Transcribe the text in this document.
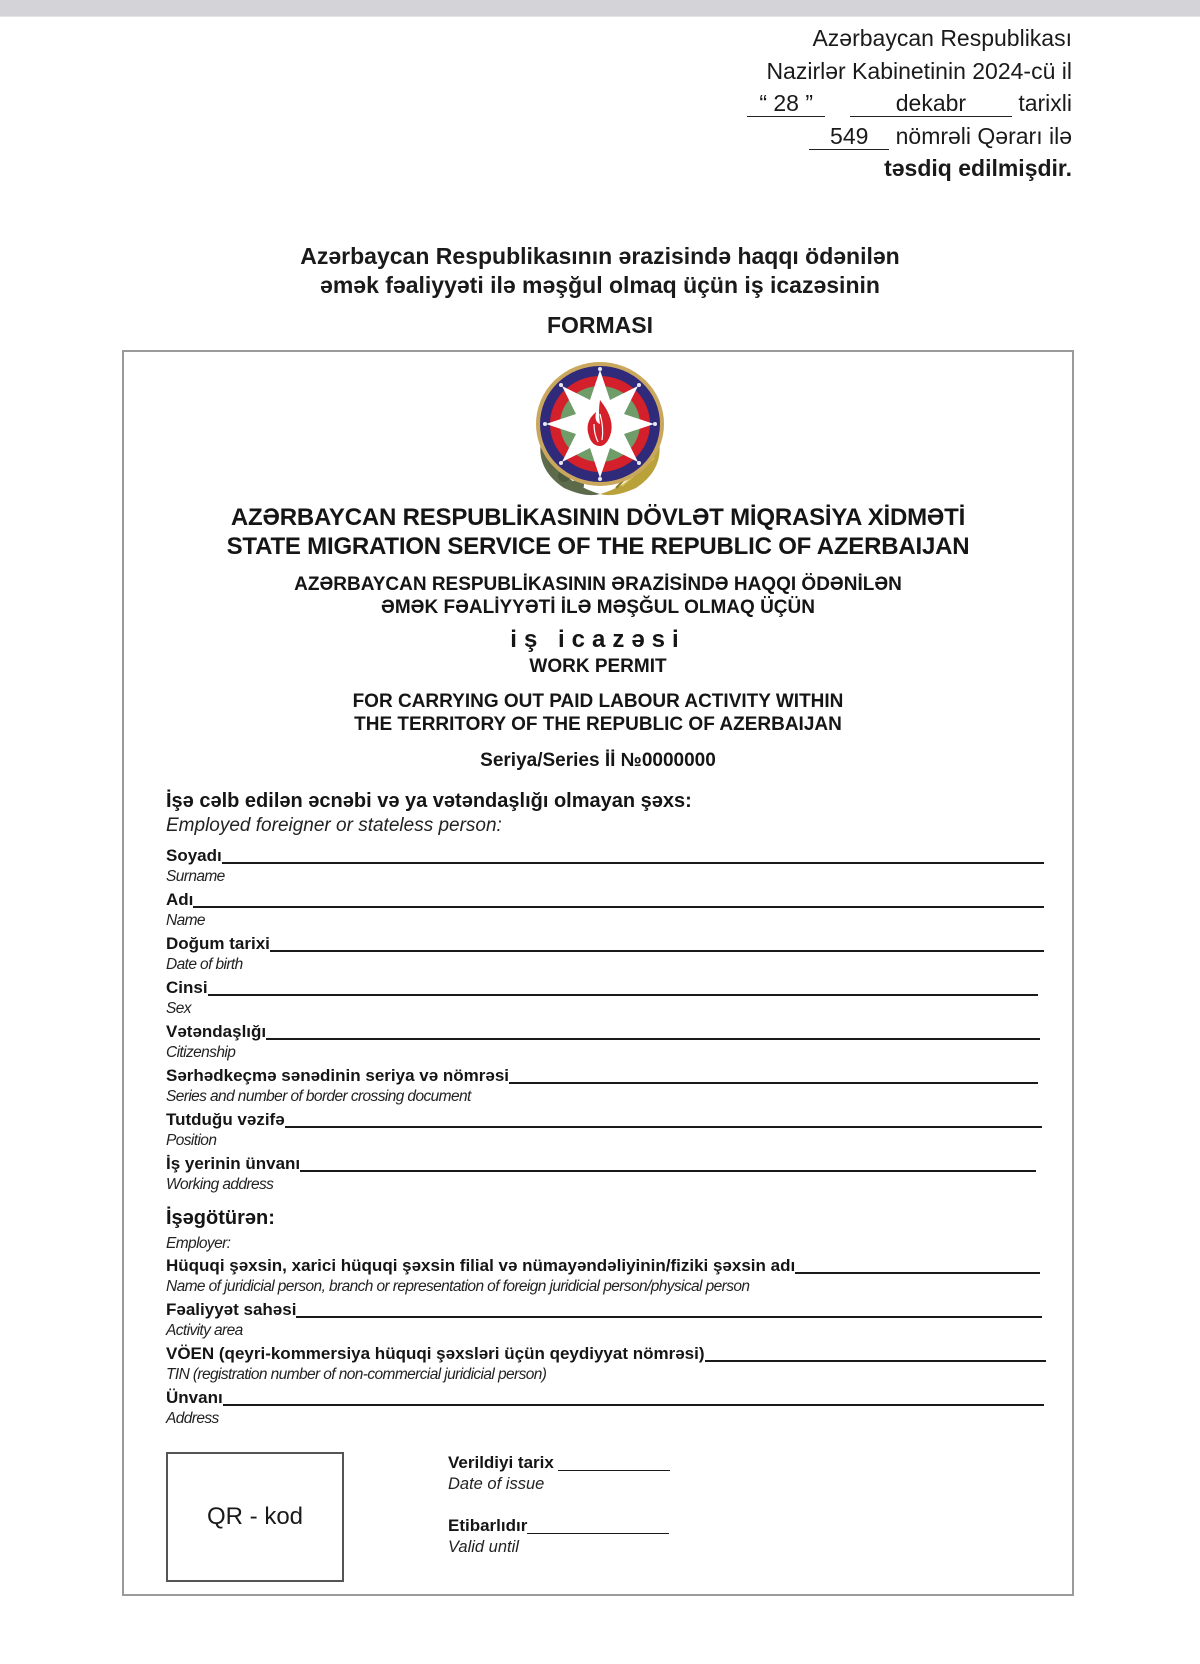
Azərbaycan Respublikası
Nazirlər Kabinetinin 2024-cü il
“ 28 ”	dekabr tarixli
549 nömrəli Qərarı ilə
təsdiq edilmişdir.
Azərbaycan Respublikasının ərazisində haqqı ödənilən
əmək fəaliyyəti ilə məşğul olmaq üçün iş icazəsinin
FORMASI
AZƏRBAYCAN RESPUBLİKASININ DÖVLƏT MİQRASİYA XİDMƏTİ
STATE MIGRATION SERVICE OF THE REPUBLIC OF AZERBAIJAN
AZƏRBAYCAN RESPUBLİKASININ ƏRAZİSİNDƏ HAQQI ÖDƏNİLƏN
ƏMƏK FƏALİYYƏTİ İLƏ MƏŞĞUL OLMAQ ÜÇÜN
iş icazəsi
WORK PERMIT
FOR CARRYING OUT PAID LABOUR ACTIVITY WITHIN
THE TERRITORY OF THE REPUBLIC OF AZERBAIJAN
Seriya/Series İİ №0000000
İşə cəlb edilən əcnəbi və ya vətəndaşlığı olmayan şəxs:
Employed foreigner or stateless person:
Soyadı
Surname
Adı
Name
Doğum tarixi
Date of birth
Cinsi
Sex
Vətəndaşlığı
Citizenship
Sərhədkeçmə sənədinin seriya və nömrəsi
Series and number of border crossing document
Tutduğu vəzifə
Position
İş yerinin ünvanı
Working address
İşəgötürən:
Employer:
Hüquqi şəxsin, xarici hüquqi şəxsin filial və nümayəndəliyinin/fiziki şəxsin adı
Name of juridicial person, branch or representation of foreign juridicial person/physical person
Fəaliyyət sahəsi
Activity area
VÖEN (qeyri-kommersiya hüquqi şəxsləri üçün qeydiyyat nömrəsi)
TIN (registration number of non-commercial juridicial person)
Ünvanı
Address
QR - kod
Verildiyi tarix
Date of issue
Etibarlıdır
Valid until
